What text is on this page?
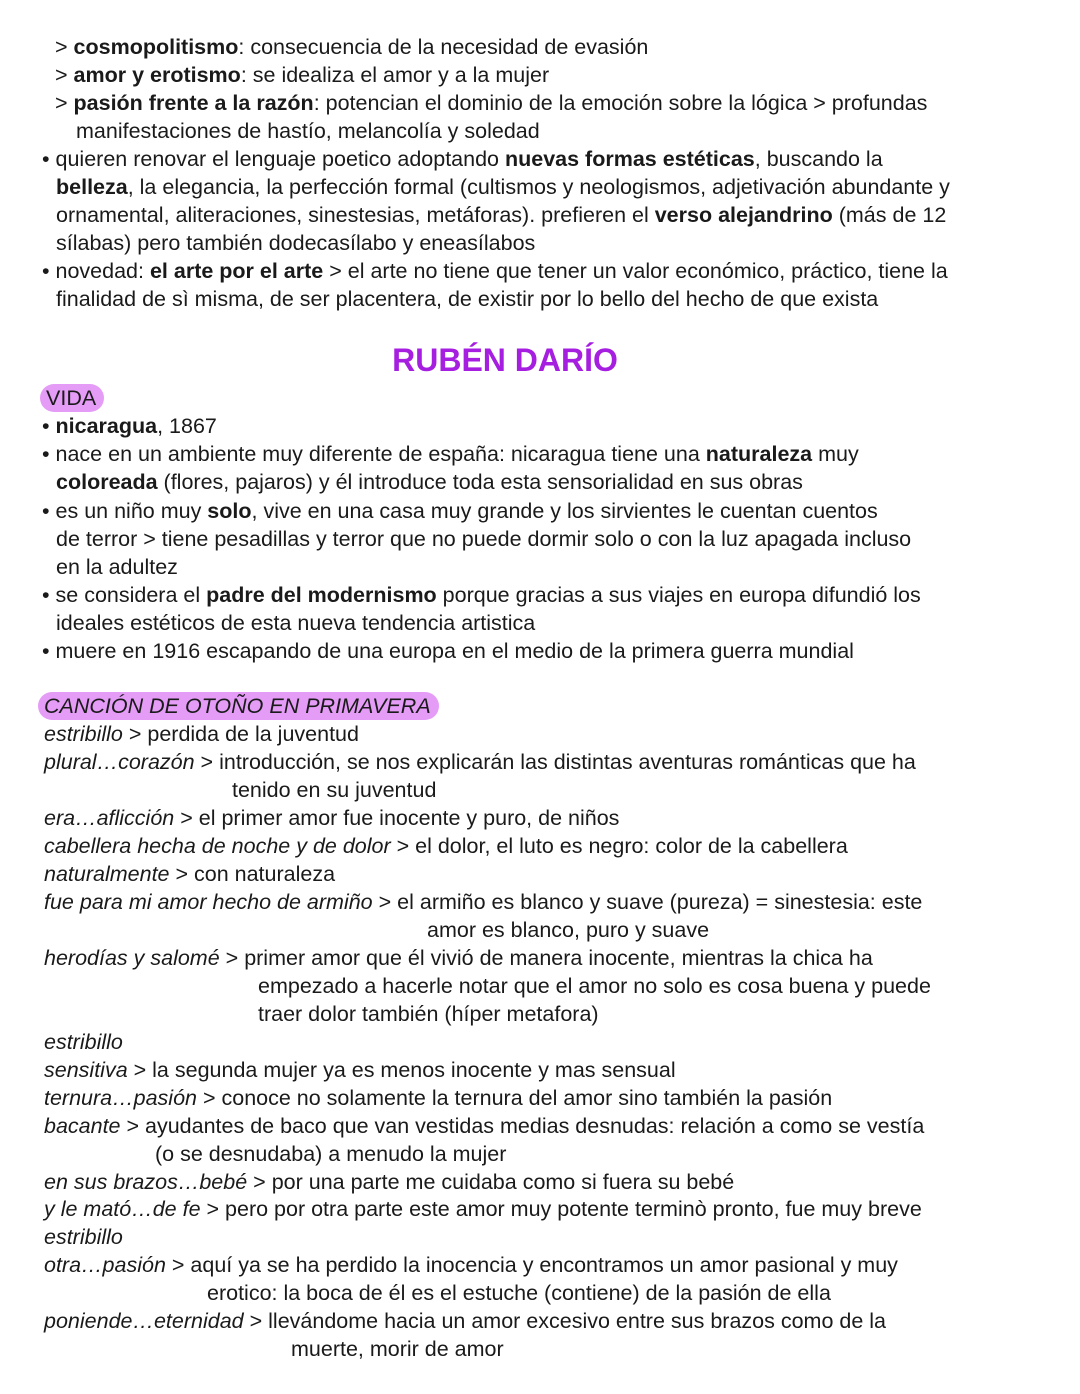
> cosmopolitismo: consecuencia de la necesidad de evasión
> amor y erotismo: se idealiza el amor y a la mujer
> pasión frente a la razón: potencian el dominio de la emoción sobre la lógica > profundas
manifestaciones de hastío, melancolía y soledad
• quieren renovar el lenguaje poetico adoptando nuevas formas estéticas, buscando la
belleza, la elegancia, la perfección formal (cultismos y neologismos, adjetivación abundante y
ornamental, aliteraciones, sinestesias, metáforas). prefieren el verso alejandrino (más de 12
sílabas) pero también dodecasílabo y eneasílabos
• novedad: el arte por el arte > el arte no tiene que tener un valor económico, práctico, tiene la
finalidad de sì misma, de ser placentera, de existir por lo bello del hecho de que exista
RUBÉN DARÍO
VIDA
• nicaragua, 1867
• nace en un ambiente muy diferente de españa: nicaragua tiene una naturaleza muy
coloreada (flores, pajaros) y él introduce toda esta sensorialidad en sus obras
• es un niño muy solo, vive en una casa muy grande y los sirvientes le cuentan cuentos
de terror > tiene pesadillas y terror que no puede dormir solo o con la luz apagada incluso
en la adultez
• se considera el padre del modernismo porque gracias a sus viajes en europa difundió los
ideales estéticos de esta nueva tendencia artistica
• muere en 1916 escapando de una europa en el medio de la primera guerra mundial
CANCIÓN DE OTOÑO EN PRIMAVERA
estribillo > perdida de la juventud
plural…corazón > introducción, se nos explicarán las distintas aventuras románticas que ha
tenido en su juventud
era…aflicción > el primer amor fue inocente y puro, de niños
cabellera hecha de noche y de dolor > el dolor, el luto es negro: color de la cabellera
naturalmente > con naturaleza
fue para mi amor hecho de armiño > el armiño es blanco y suave (pureza) = sinestesia: este
amor es blanco, puro y suave
herodías y salomé > primer amor que él vivió de manera inocente, mientras la chica ha
empezado a hacerle notar que el amor no solo es cosa buena y puede
traer dolor también (híper metafora)
estribillo
sensitiva > la segunda mujer ya es menos inocente y mas sensual
ternura…pasión > conoce no solamente la ternura del amor sino también la pasión
bacante > ayudantes de baco que van vestidas medias desnudas: relación a como se vestía
(o se desnudaba) a menudo la mujer
en sus brazos…bebé > por una parte me cuidaba como si fuera su bebé
y le mató…de fe > pero por otra parte este amor muy potente terminò pronto, fue muy breve
estribillo
otra…pasión > aquí ya se ha perdido la inocencia y encontramos un amor pasional y muy
erotico: la boca de él es el estuche (contiene) de la pasión de ella
poniende…eternidad > llevándome hacia un amor excesivo entre sus brazos como de la
muerte, morir de amor
